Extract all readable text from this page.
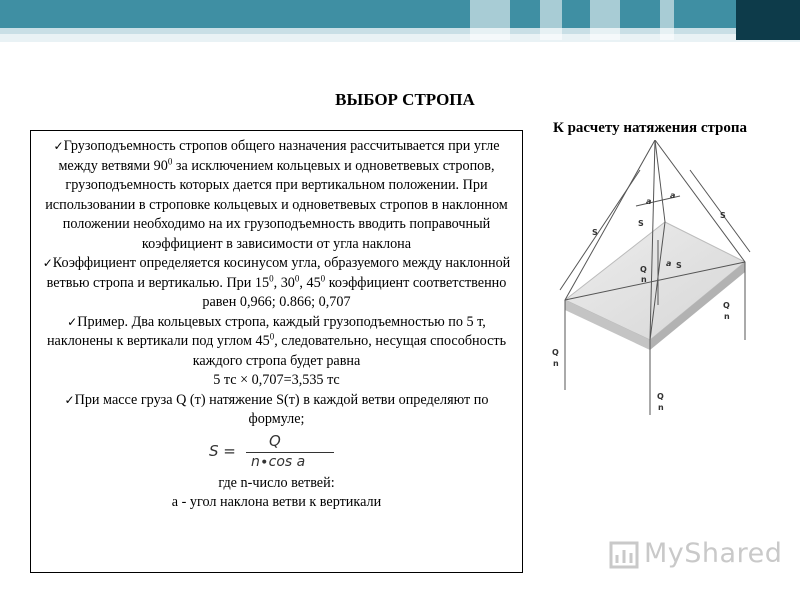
ВЫБОР СТРОПА
К расчету натяжения стропа

✓Грузоподъемность стропов общего назначения рассчитывается при угле между ветвями $90^0$ за исключением кольцевых и одноветвевых стропов, грузоподъемность которых дается при вертикальном положении. При использовании в строповке кольцевых и одноветвевых стропов в наклонном положении необходимо на их грузоподъемность вводить поправочный коэффициент в зависимости от угла наклона

✓Коэффициент определяется косинусом угла, образуемого между наклонной ветвью стропа и вертикалью. При $15^0$, $30^0$, $45^0$ коэффициент соответственно равен 0,966; 0.866; 0,707

✓Пример. Два кольцевых стропа, каждый грузоподъемностью по 5 т, наклонены к вертикали под углом $45^0$, следовательно, несущая способность каждого стропа будет равна

5 тс × 0,707=3,535 тс

✓При массе груза Q (т) натяжение S(т) в каждой ветви определяют по формуле;

S =
Q
n∙cos a

где n-число ветвей:

a - угол наклона ветви к вертикали

S
S
S
S
a
a
a
Q
n
Q
n
Q
n
Q
n
MyShared
